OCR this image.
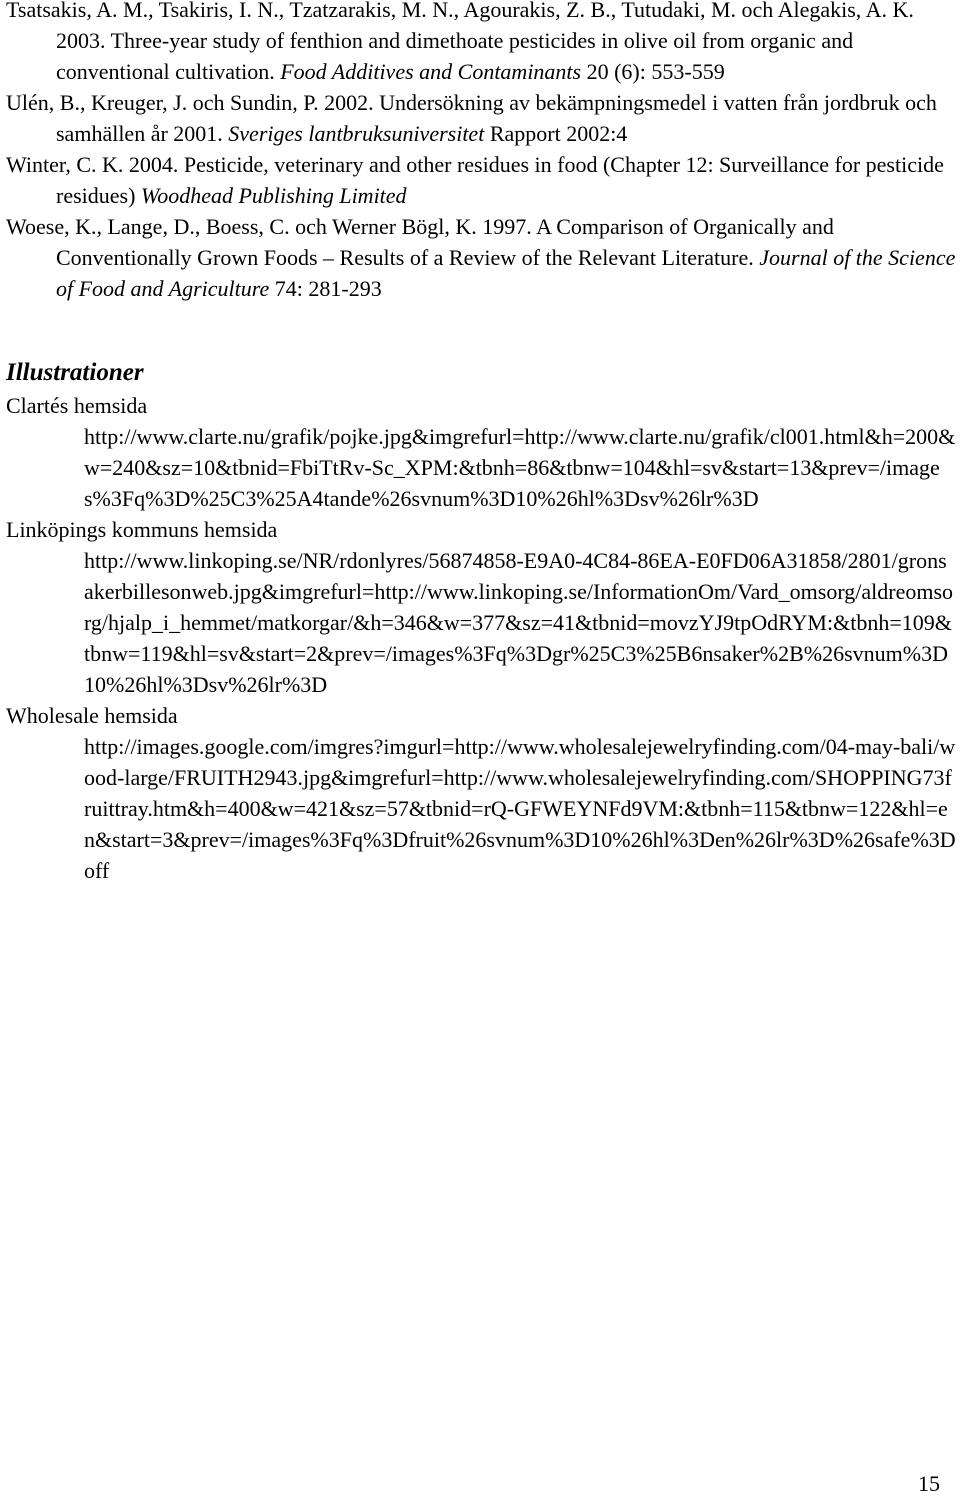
Tsatsakis, A. M., Tsakiris, I. N., Tzatzarakis, M. N., Agourakis, Z. B., Tutudaki, M. och Alegakis, A. K. 2003. Three-year study of fenthion and dimethoate pesticides in olive oil from organic and conventional cultivation. Food Additives and Contaminants 20 (6): 553-559

Ulén, B., Kreuger, J. och Sundin, P. 2002. Undersökning av bekämpningsmedel i vatten från jordbruk och samhällen år 2001. Sveriges lantbruksuniversitet Rapport 2002:4

Winter, C. K. 2004. Pesticide, veterinary and other residues in food (Chapter 12: Surveillance for pesticide residues) Woodhead Publishing Limited

Woese, K., Lange, D., Boess, C. och Werner Bögl, K. 1997. A Comparison of Organically and Conventionally Grown Foods – Results of a Review of the Relevant Literature. Journal of the Science of Food and Agriculture 74: 281-293

Illustrationer

Clartés hemsida

http://www.clarte.nu/grafik/pojke.jpg&imgrefurl=http://www.clarte.nu/grafik/cl001.html&h=200&w=240&sz=10&tbnid=FbiTtRv-Sc_XPM:&tbnh=86&tbnw=104&hl=sv&start=13&prev=/images%3Fq%3D%25C3%25A4tande%26svnum%3D10%26hl%3Dsv%26lr%3D

Linköpings kommuns hemsida

http://www.linkoping.se/NR/rdonlyres/56874858-E9A0-4C84-86EA-E0FD06A31858/2801/gronsakerbillesonweb.jpg&imgrefurl=http://www.linkoping.se/InformationOm/Vard_omsorg/aldreomsorg/hjalp_i_hemmet/matkorgar/&h=346&w=377&sz=41&tbnid=movzYJ9tpOdRYM:&tbnh=109&tbnw=119&hl=sv&start=2&prev=/images%3Fq%3Dgr%25C3%25B6nsaker%2B%26svnum%3D10%26hl%3Dsv%26lr%3D

Wholesale hemsida

http://images.google.com/imgres?imgurl=http://www.wholesalejewelryfinding.com/04-may-bali/wood-large/FRUITH2943.jpg&imgrefurl=http://www.wholesalejewelryfinding.com/SHOPPING73fruittray.htm&h=400&w=421&sz=57&tbnid=rQ-GFWEYNFd9VM:&tbnh=115&tbnw=122&hl=en&start=3&prev=/images%3Fq%3Dfruit%26svnum%3D10%26hl%3Den%26lr%3D%26safe%3Doff

15
